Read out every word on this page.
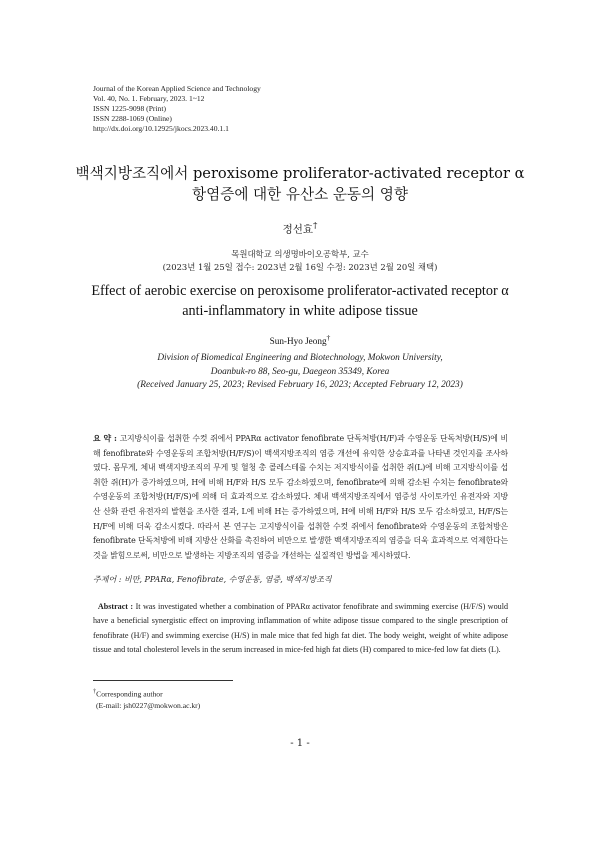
Journal of the Korean Applied Science and Technology
Vol. 40, No. 1. February, 2023. 1~12
ISSN 1225-9098 (Print)
ISSN 2288-1069 (Online)
http://dx.doi.org/10.12925/jkocs.2023.40.1.1
백색지방조직에서 peroxisome proliferator-activated receptor α
항염증에 대한 유산소 운동의 영향
정선효†
목원대학교 의생명바이오공학부, 교수
(2023년 1월 25일 접수: 2023년 2월 16일 수정: 2023년 2월 20일 채택)
Effect of aerobic exercise on peroxisome proliferator-activated receptor α
anti-inflammatory in white adipose tissue
Sun-Hyo Jeong†
Division of Biomedical Engineering and Biotechnology, Mokwon University,
Doanbuk-ro 88, Seo-gu, Daegeon 35349, Korea
(Received January 25, 2023; Revised February 16, 2023; Accepted February 12, 2023)
요 약 : 고지방식이를 섭취한 수컷 쥐에서 PPARα activator fenofibrate 단독처방(H/F)과 수영운동 단독처방(H/S)에 비해 fenofibrate와 수영운동의 조합처방(H/F/S)이 백색지방조직의 염증 개선에 유익한 상승효과를 나타낸 것인지를 조사하였다. 몸무게, 체내 백색지방조직의 무게 및 혈청 총 콜레스테롤 수치는 저지방식이를 섭취한 쥐(L)에 비해 고지방식이를 섭취한 쥐(H)가 증가하였으며, H에 비해 H/F와 H/S 모두 감소하였으며, fenofibrate에 의해 감소된 수치는 fenofibrate와 수영운동의 조합처방(H/F/S)에 의해 더 효과적으로 감소하였다. 체내 백색지방조직에서 염증성 사이토카인 유전자와 지방산 산화 관련 유전자의 발현을 조사한 결과, L에 비해 H는 증가하였으며, H에 비해 H/F와 H/S 모두 감소하였고, H/F/S는 H/F에 비해 더욱 감소시켰다. 따라서 본 연구는 고지방식이를 섭취한 수컷 쥐에서 fenofibrate와 수영운동의 조합처방은 fenofibrate 단독처방에 비해 지방산 산화를 촉진하여 비만으로 발생한 백색지방조직의 염증을 더욱 효과적으로 억제한다는 것을 밝힘으로써, 비만으로 발생하는 지방조직의 염증을 개선하는 실질적인 방법을 제시하였다.
주제어 : 비만, PPARα, Fenofibrate, 수영운동, 염증, 백색지방조직
Abstract : It was investigated whether a combination of PPARα activator fenofibrate and swimming exercise (H/F/S) would have a beneficial synergistic effect on improving inflammation of white adipose tissue compared to the single prescription of fenofibrate (H/F) and swimming exercise (H/S) in male mice that fed high fat diet. The body weight, weight of white adipose tissue and total cholesterol levels in the serum increased in mice-fed high fat diets (H) compared to mice-fed low fat diets (L).
†Corresponding author
(E-mail: jsh0227@mokwon.ac.kr)
- 1 -
